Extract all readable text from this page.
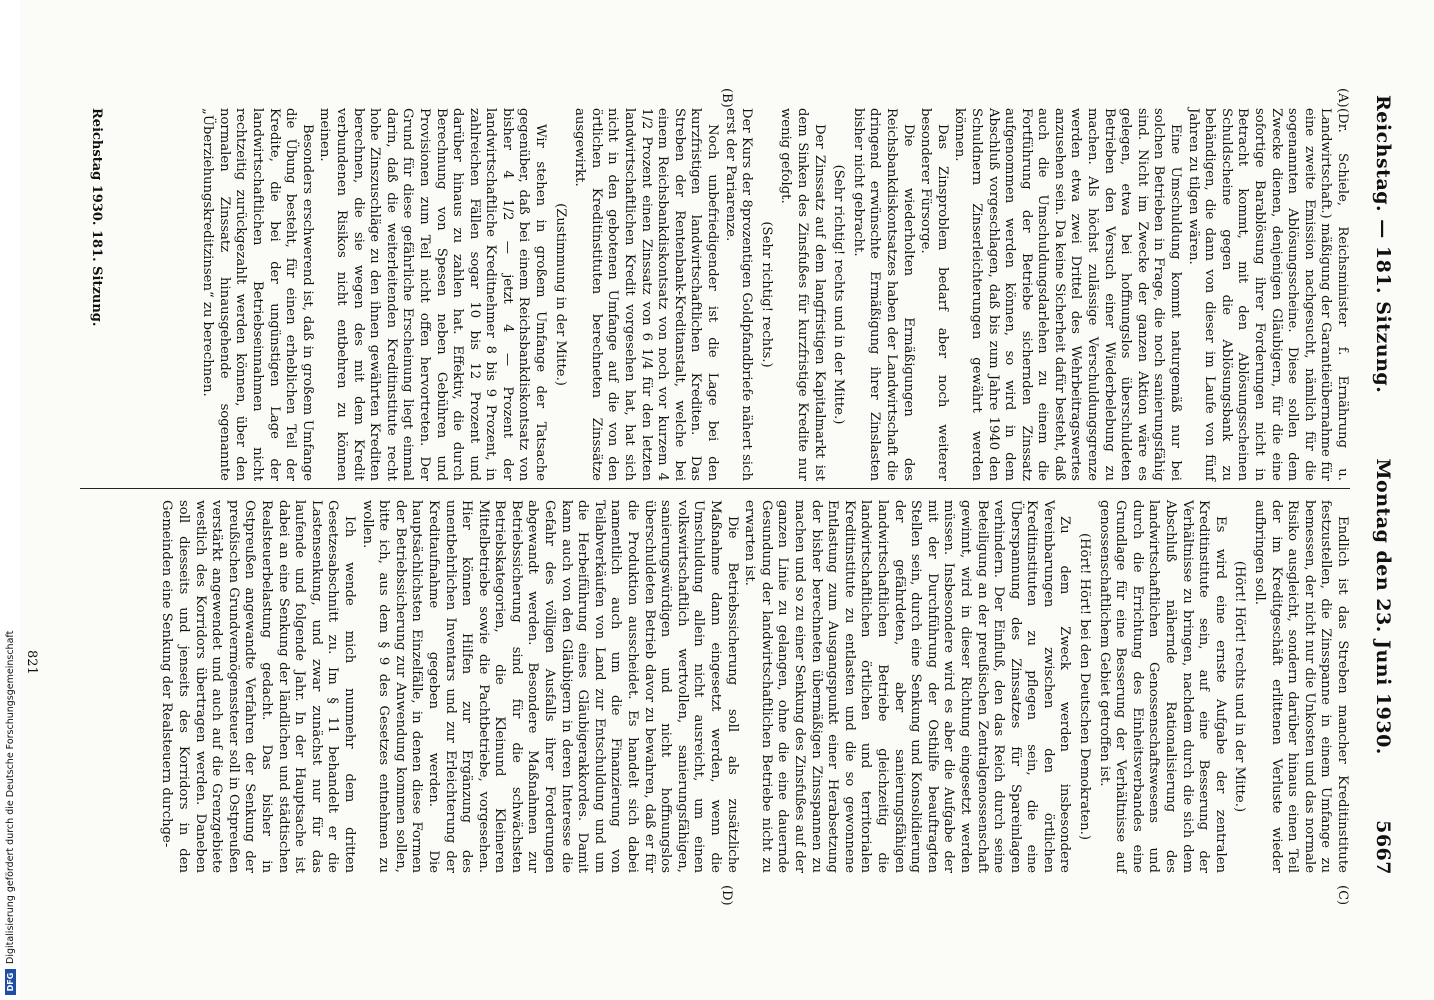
Reichstag. — 181. Sitzung.
Montag den 23. Juni 1930.
5667
(A)
(B)
(C)
(D)

(Dr. Schiele, Reichsminister f. Ernährung u. Landwirtschaft.) mäßigung der Garantieübernahme für eine zweite Emission nachgesucht, nämlich für die sogenannten Ablösungsscheine. Diese sollen dem Zwecke dienen, denjenigen Gläubigern, für die eine sofortige Barablösung ihrer Forderungen nicht in Betracht kommt, mit den Ablösungsscheinen Schuldscheine gegen die Ablösungsbank zu behändigen, die dann von dieser im Laufe von fünf Jahren zu tilgen wären.

Eine Umschuldung kommt naturgemäß nur bei solchen Betrieben in Frage, die noch sanierungsfähig sind. Nicht im Zwecke der ganzen Aktion wäre es gelegen, etwa bei hoffnungslos überschuldeten Betrieben den Versuch einer Wiederbelebung zu machen. Als höchst zulässige Verschuldungsgrenze werden etwa zwei Drittel des Wehrbeitragswertes anzusehen sein. Da keine Sicherheit dafür besteht, daß auch die Umschuldungsdarlehen zu einem die Fortführung der Betriebe sichernden Zinssatz aufgenommen werden können, so wird in dem Abschluß vorgeschlagen, daß bis zum Jahre 1940 den Schuldnern Zinserleichterungen gewährt werden können.

Das Zinsproblem bedarf aber noch weiterer besonderer Fürsorge.

Die wiederholten Ermäßigungen des Reichsbankdiskontsatzes haben der Landwirtschaft die dringend erwünschte Ermäßigung ihrer Zinslasten bisher nicht gebracht.

(Sehr richtig! rechts und in der Mitte.)

Der Zinssatz auf dem langfristigen Kapitalmarkt ist dem Sinken des Zinsfußes für kurzfristige Kredite nur wenig gefolgt.

(Sehr richtig! rechts.)

Der Kurs der 8prozentigen Goldpfandbriefe nähert sich erst der Pariarenze.

Noch unbefriedigender ist die Lage bei den kurzfristigen landwirtschaftlichen Krediten. Das Streben der Rentenbank-Kreditanstalt, welche bei einem Reichsbankdiskontsatz von noch vor kurzem 4 1/2 Prozent einen Zinssatz von 6 1/4 für den letzten landwirtschaftlichen Kredit vorgesehen hat, hat sich nicht in den gebotenen Umfange auf die von den örtlichen Kreditinstituten berechneten Zinssätze ausgewirkt.

(Zustimmung in der Mitte.)

Wir stehen in großem Umfange der Tatsache gegenüber, daß bei einem Reichsbankdiskontsatz von bisher 4 1/2 — jetzt 4 — Prozent der landwirtschaftliche Kreditnehmer 8 bis 9 Prozent, in zahlreichen Fällen sogar 10 bis 12 Prozent und darüber hinaus zu zahlen hat. Effektiv, die durch Berechnung von Spesen neben Gebühren und Provisionen zum Teil nicht offen hervortreten. Der Grund für diese gefährliche Erscheinung liegt einmal darin, daß die weiterleitenden Kreditinstitute recht hohe Zinszuschläge zu den ihnen gewährten Krediten berechnen, die sie wegen des mit dem Kredit verbundenen Risikos nicht entbehren zu können meinen.

Besonders erschwerend ist, daß in großem Umfange die Übung besteht, für einen erheblichen Teil der Kredite, die bei der ungünstigen Lage der landwirtschaftlichen Betriebseinnahmen nicht rechtzeitig zurückgezahlt werden können, über den normalen Zinssatz hinausgehende sogenannte „Überziehungskreditzinsen“ zu berechnen.

Endlich ist das Streben mancher Kreditinstitute festzustellen, die Zinsspanne in einem Umfange zu bemessen, der nicht nur die Unkosten und das normale Risiko ausgleicht, sondern darüber hinaus einen Teil der im Kreditgeschäft erlittenen Verluste wieder aufbringen soll.

(Hört! Hört! rechts und in der Mitte.)

Es wird eine ernste Aufgabe der zentralen Kreditinstitute sein, auf eine Besserung der Verhältnisse zu bringen, nachdem durch die sich dem Abschluß nähernde Rationalisierung des landwirtschaftlichen Genossenschaftswesens und durch die Errichtung des Einheitsverbandes eine Grundlage für eine Besserung der Verhältnisse auf genossenschaftlichem Gebiet getroffen ist.

(Hört! Hört! bei den Deutschen Demokraten.)

Zu dem Zweck werden insbesondere Vereinbarungen zwischen den örtlichen Kreditinstituten zu pflegen sein, die eine Überspannung des Zinssatzes für Spareinlagen verhindern. Der Einfluß, den das Reich durch seine Beteiligung an der preußischen Zentralgenossenschaft gewinnt, wird in dieser Richtung eingesetzt werden müssen. Insbesondere wird es aber die Aufgabe der mit der Durchführung der Osthilfe beauftragten Stellen sein, durch eine Senkung und Konsolidierung der gefährdeten, aber sanierungsfähigen landwirtschaftlichen Betriebe gleichzeitig die landwirtschaftlichen örtlichen und territorialen Kreditinstitute zu entlasten und die so gewonnene Entlastung zum Ausgangspunkt einer Herabsetzung der bisher berechneten übermäßigen Zinsspannen zu machen und so zu einer Senkung des Zinsfußes auf der ganzen Linie zu gelangen, ohne die eine dauernde Gesundung der landwirtschaftlichen Betriebe nicht zu erwarten ist.

Die Betriebssicherung soll als zusätzliche Maßnahme dann eingesetzt werden, wenn die Umschuldung allein nicht ausreicht, um einen volkswirtschaftlich wertvollen, sanierungsfähigen, sanierungswürdigen und nicht hoffnungslos überschuldeten Betrieb davor zu bewahren, daß er für die Produktion ausscheidet. Es handelt sich dabei namentlich auch um die Finanzierung von Teilabverkäufen von Land zur Entschuldung und um die Herbeiführung eines Gläubigerakkordes. Damit kann auch von den Gläubigern in deren Interesse die Gefahr des völligen Ausfalls ihrer Forderungen abgewandt werden. Besondere Maßnahmen zur Betriebssicherung sind für die schwächsten Betriebskategorien, die Kleinund Kleineren Mittelbetriebe sowie die Pachtbetriebe, vorgesehen. Hier können Hilfen zur Ergänzung des unentbehrlichen Inventars und zur Erleichterung der Kreditaufnahme gegeben werden. Die hauptsächlichsten Einzelfälle, in denen diese Formen der Betriebssicherung zur Anwendung kommen sollen, bitte ich, aus dem § 9 des Gesetzes entnehmen zu wollen.

Ich wende mich nunmehr dem dritten Gesetzesabschnitt zu. Im § 11 behandelt er die Lastensenkung, und zwar zunächst nur für das laufende und folgende Jahr. In der Hauptsache ist dabei an eine Senkung der ländlichen und städtischen Realsteuerbelastung gedacht. Das bisher in Ostpreußen angewandte Verfahren der Senkung der preußischen Grundvermögenssteuer soll in Ostpreußen verstärkt angewendet und auch auf die Grenzgebiete westlich des Korridors übertragen werden. Daneben soll diesseits und jenseits des Korridors in den Gemeinden eine Senkung der Realsteuern durchge-

Reichstag 1930. 181. Sitzung.
821
DFG
Digitalisierung gefördert durch die Deutsche Forschungsgemeinschaft
